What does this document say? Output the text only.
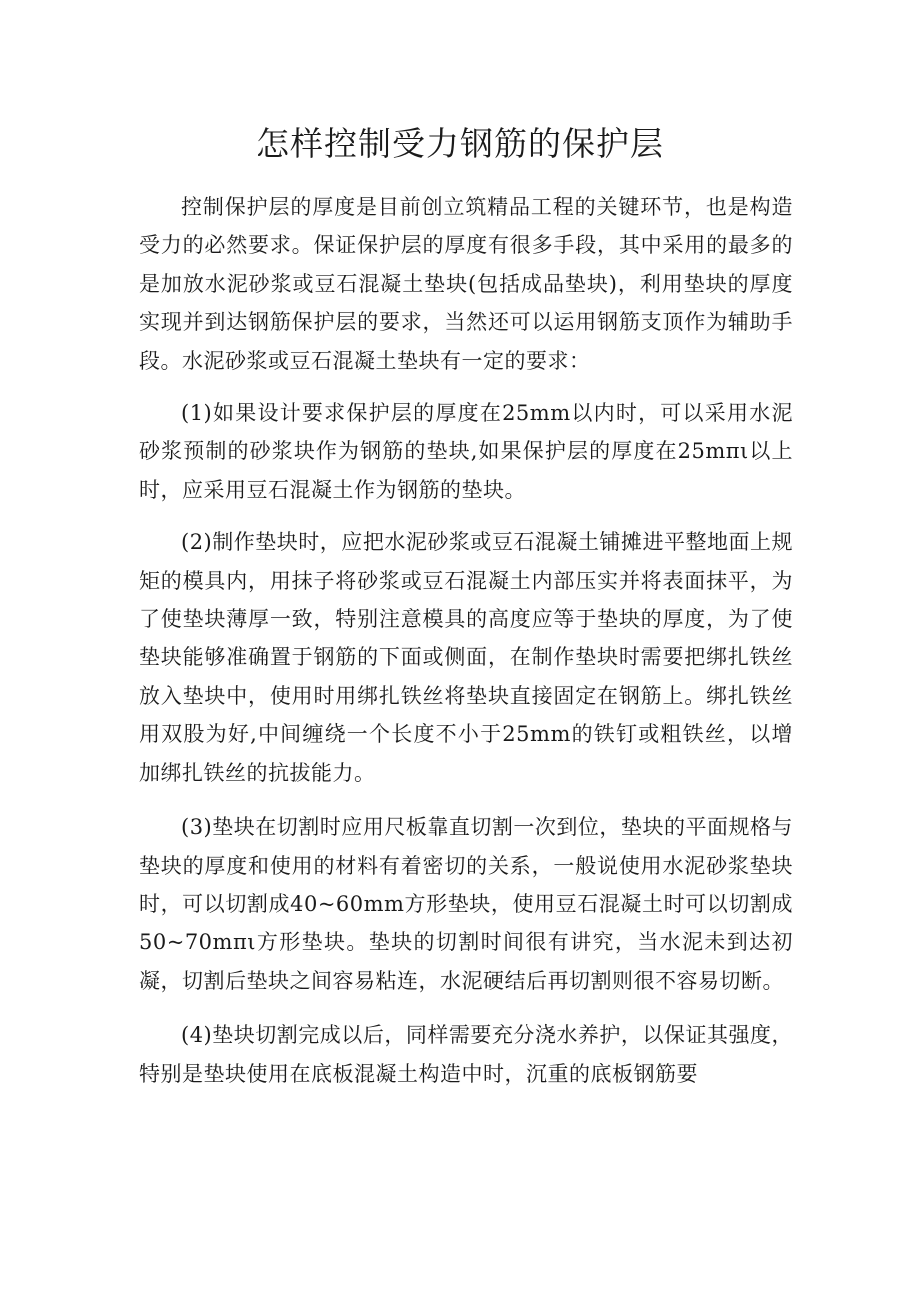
怎样控制受力钢筋的保护层

控制保护层的厚度是目前创立筑精品工程的关键环节，也是构造受力的必然要求。保证保护层的厚度有很多手段，其中采用的最多的是加放水泥砂浆或豆石混凝土垫块(包括成品垫块)，利用垫块的厚度实现并到达钢筋保护层的要求，当然还可以运用钢筋支顶作为辅助手段。水泥砂浆或豆石混凝土垫块有一定的要求：

(1)如果设计要求保护层的厚度在25mm以内时，可以采用水泥砂浆预制的砂浆块作为钢筋的垫块,如果保护层的厚度在25mπι以上时，应采用豆石混凝土作为钢筋的垫块。

(2)制作垫块时，应把水泥砂浆或豆石混凝土铺摊进平整地面上规矩的模具内，用抹子将砂浆或豆石混凝土内部压实并将表面抹平，为了使垫块薄厚一致，特别注意模具的高度应等于垫块的厚度，为了使垫块能够准确置于钢筋的下面或侧面，在制作垫块时需要把绑扎铁丝放入垫块中，使用时用绑扎铁丝将垫块直接固定在钢筋上。绑扎铁丝用双股为好,中间缠绕一个长度不小于25mm的铁钉或粗铁丝，以增加绑扎铁丝的抗拔能力。

(3)垫块在切割时应用尺板靠直切割一次到位，垫块的平面规格与垫块的厚度和使用的材料有着密切的关系，一般说使用水泥砂浆垫块时，可以切割成40~60mm方形垫块，使用豆石混凝土时可以切割成50~70mπι方形垫块。垫块的切割时间很有讲究，当水泥未到达初凝，切割后垫块之间容易粘连，水泥硬结后再切割则很不容易切断。

(4)垫块切割完成以后，同样需要充分浇水养护，以保证其强度，特别是垫块使用在底板混凝土构造中时，沉重的底板钢筋要
